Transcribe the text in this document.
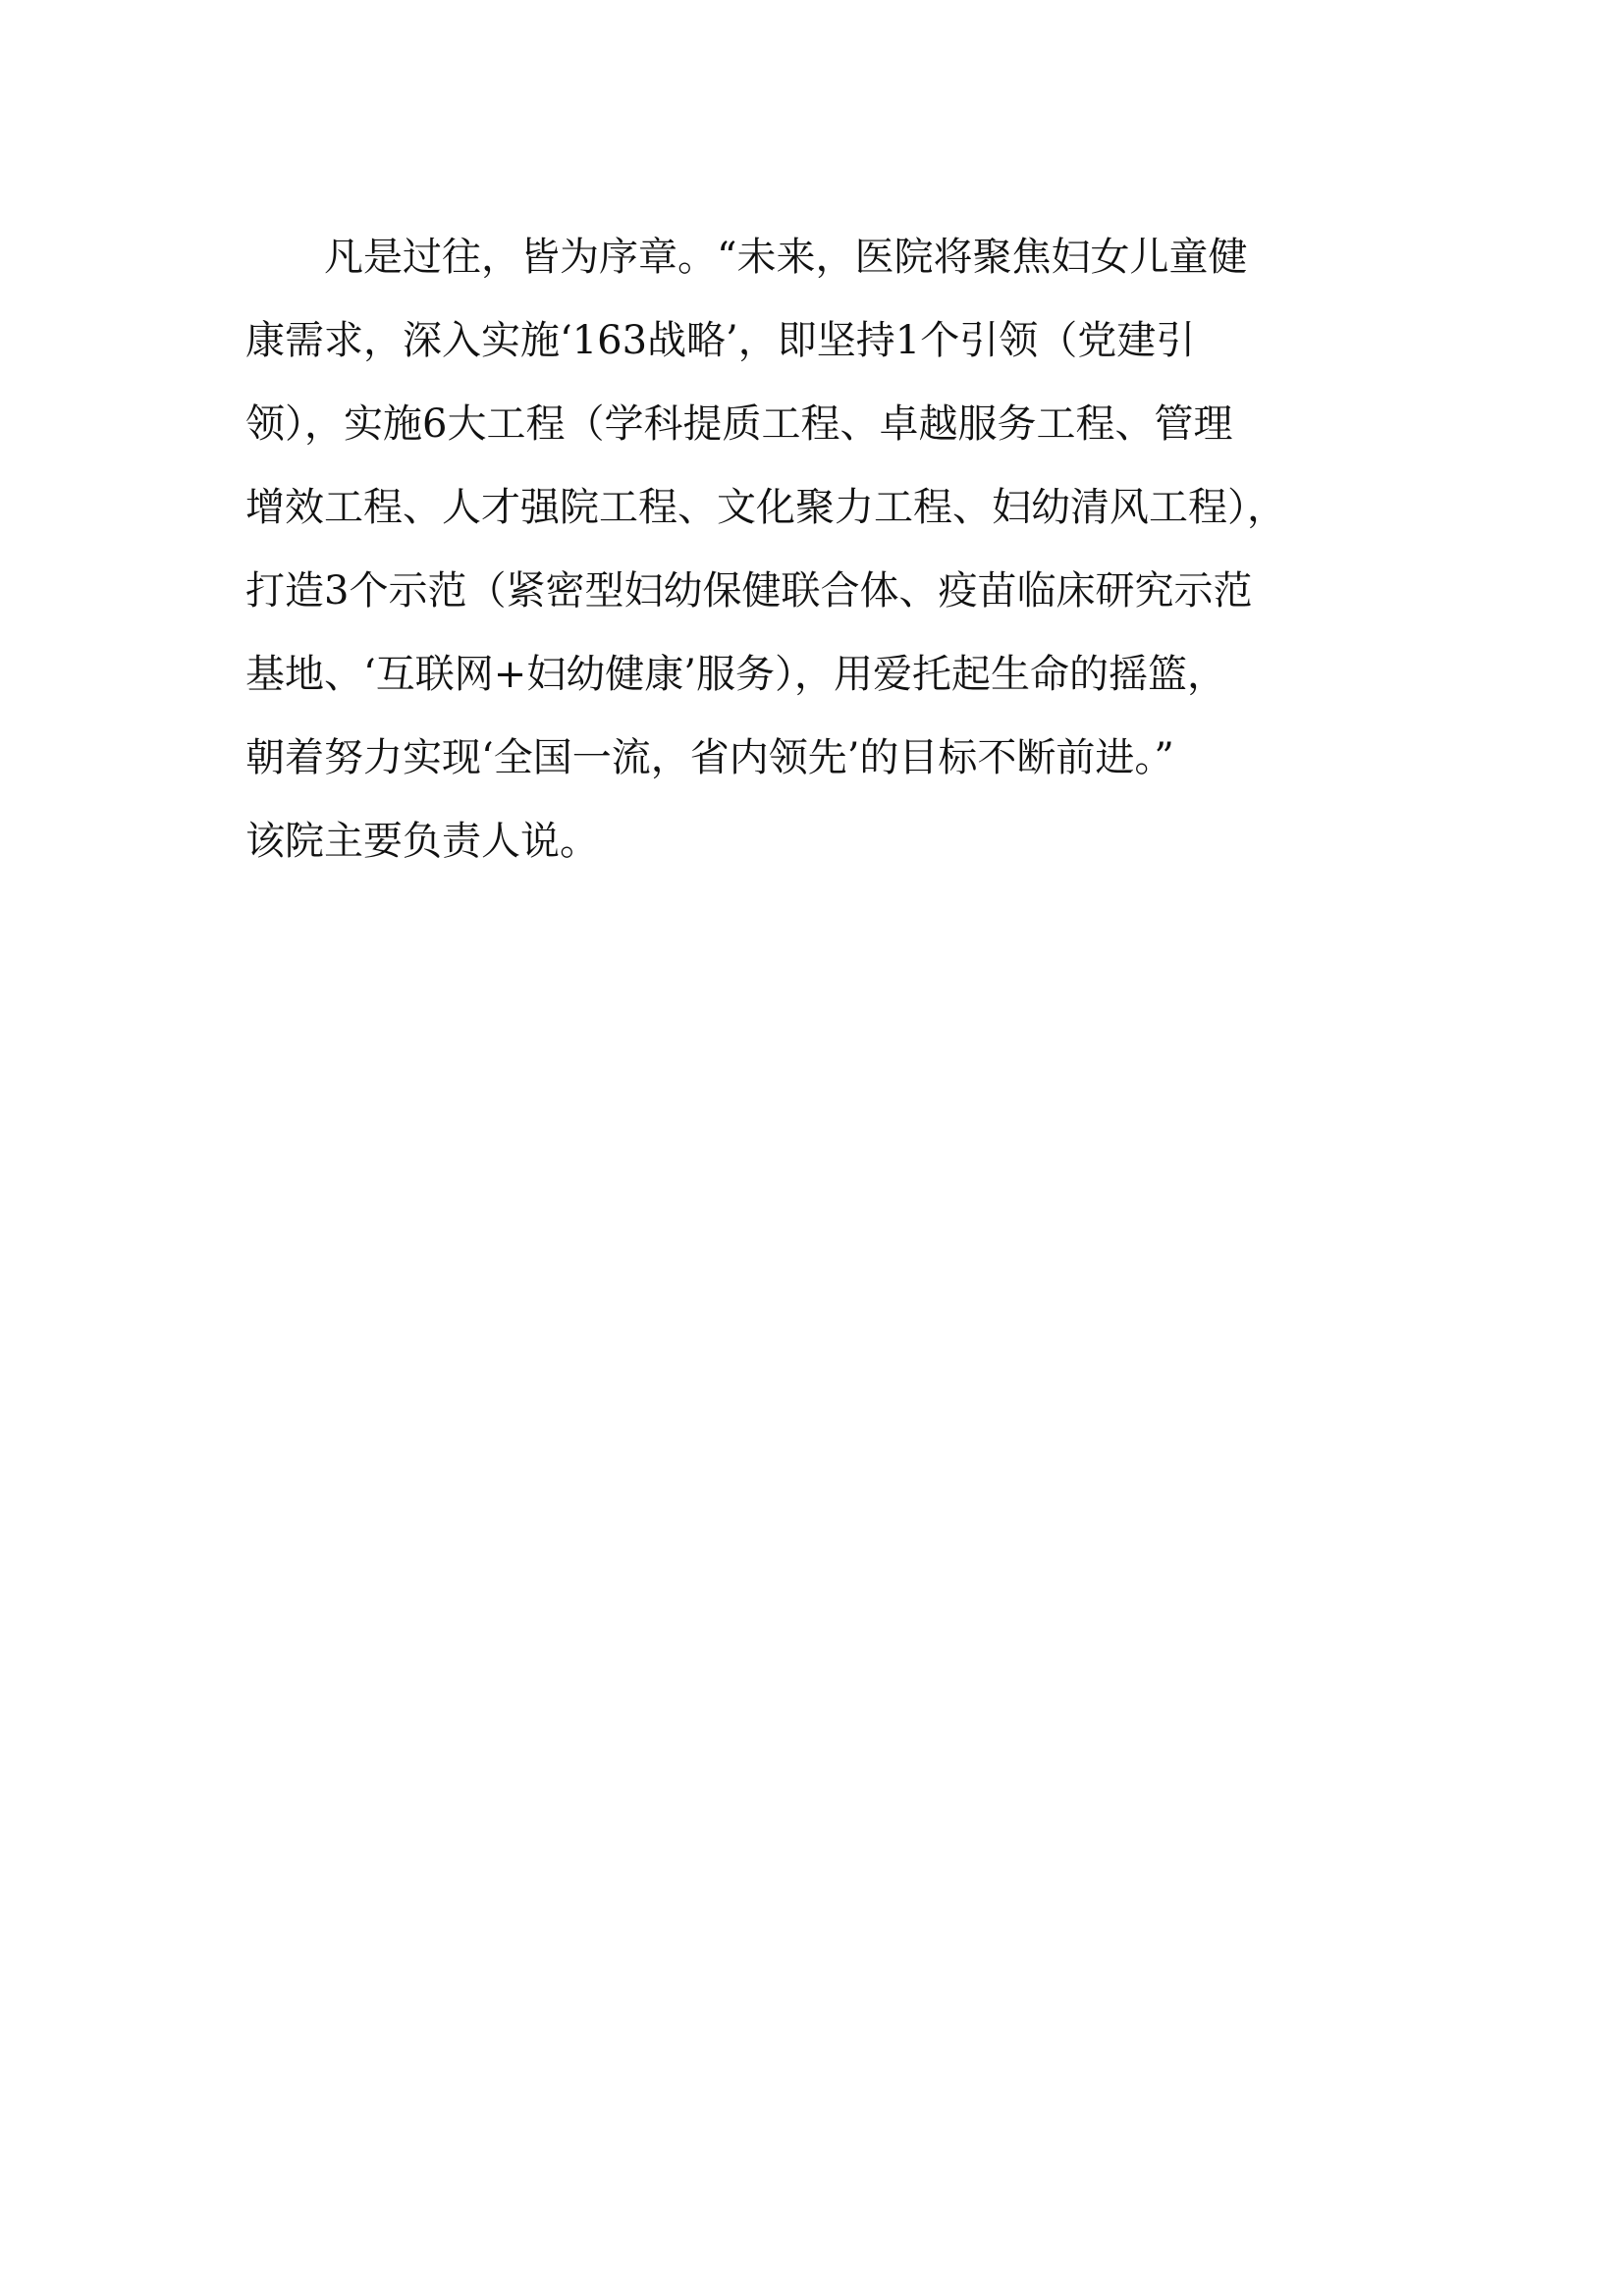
凡是过往，皆为序章。“未来，医院将聚焦妇女儿童健
康需求，深入实施‘163战略’，即坚持1个引领（党建引
领），实施6大工程（学科提质工程、卓越服务工程、管理
增效工程、人才强院工程、文化聚力工程、妇幼清风工程），
打造3个示范（紧密型妇幼保健联合体、疫苗临床研究示范
基地、‘互联网+妇幼健康’服务），用爱托起生命的摇篮，
朝着努力实现‘全国一流，省内领先’的目标不断前进。”
该院主要负责人说。
